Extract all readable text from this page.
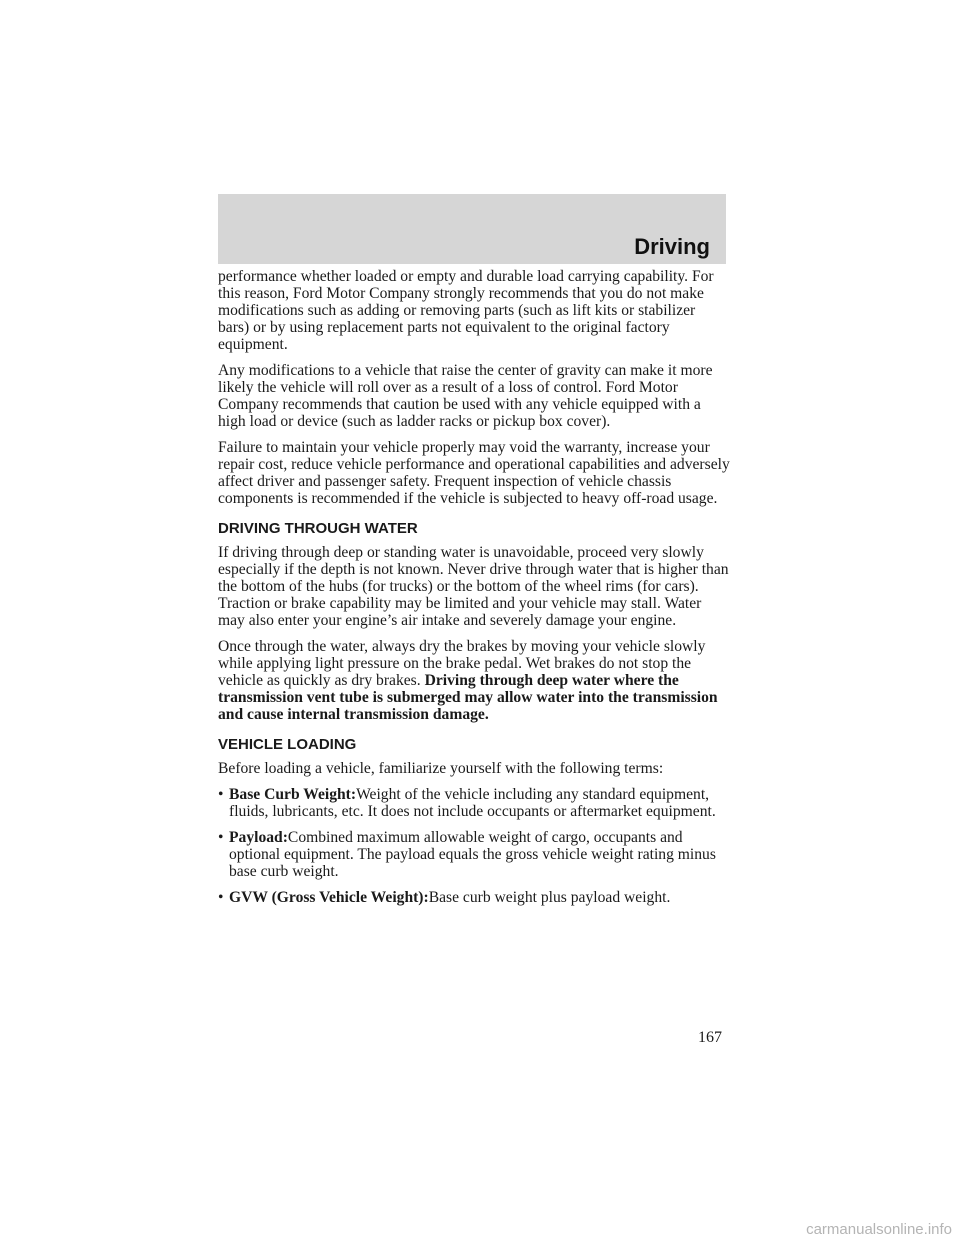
Driving

performance whether loaded or empty and durable load carrying capability. For this reason, Ford Motor Company strongly recommends that you do not make modifications such as adding or removing parts (such as lift kits or stabilizer bars) or by using replacement parts not equivalent to the original factory equipment.

Any modifications to a vehicle that raise the center of gravity can make it more likely the vehicle will roll over as a result of a loss of control. Ford Motor Company recommends that caution be used with any vehicle equipped with a high load or device (such as ladder racks or pickup box cover).

Failure to maintain your vehicle properly may void the warranty, increase your repair cost, reduce vehicle performance and operational capabilities and adversely affect driver and passenger safety. Frequent inspection of vehicle chassis components is recommended if the vehicle is subjected to heavy off-road usage.

DRIVING THROUGH WATER

If driving through deep or standing water is unavoidable, proceed very slowly especially if the depth is not known. Never drive through water that is higher than the bottom of the hubs (for trucks) or the bottom of the wheel rims (for cars). Traction or brake capability may be limited and your vehicle may stall. Water may also enter your engine’s air intake and severely damage your engine.

Once through the water, always dry the brakes by moving your vehicle slowly while applying light pressure on the brake pedal. Wet brakes do not stop the vehicle as quickly as dry brakes. Driving through deep water where the transmission vent tube is submerged may allow water into the transmission and cause internal transmission damage.

VEHICLE LOADING

Before loading a vehicle, familiarize yourself with the following terms:

• Base Curb Weight:Weight of the vehicle including any standard equipment, fluids, lubricants, etc. It does not include occupants or aftermarket equipment.
• Payload:Combined maximum allowable weight of cargo, occupants and optional equipment. The payload equals the gross vehicle weight rating minus base curb weight.
• GVW (Gross Vehicle Weight):Base curb weight plus payload weight.
167
carmanualsonline.info
